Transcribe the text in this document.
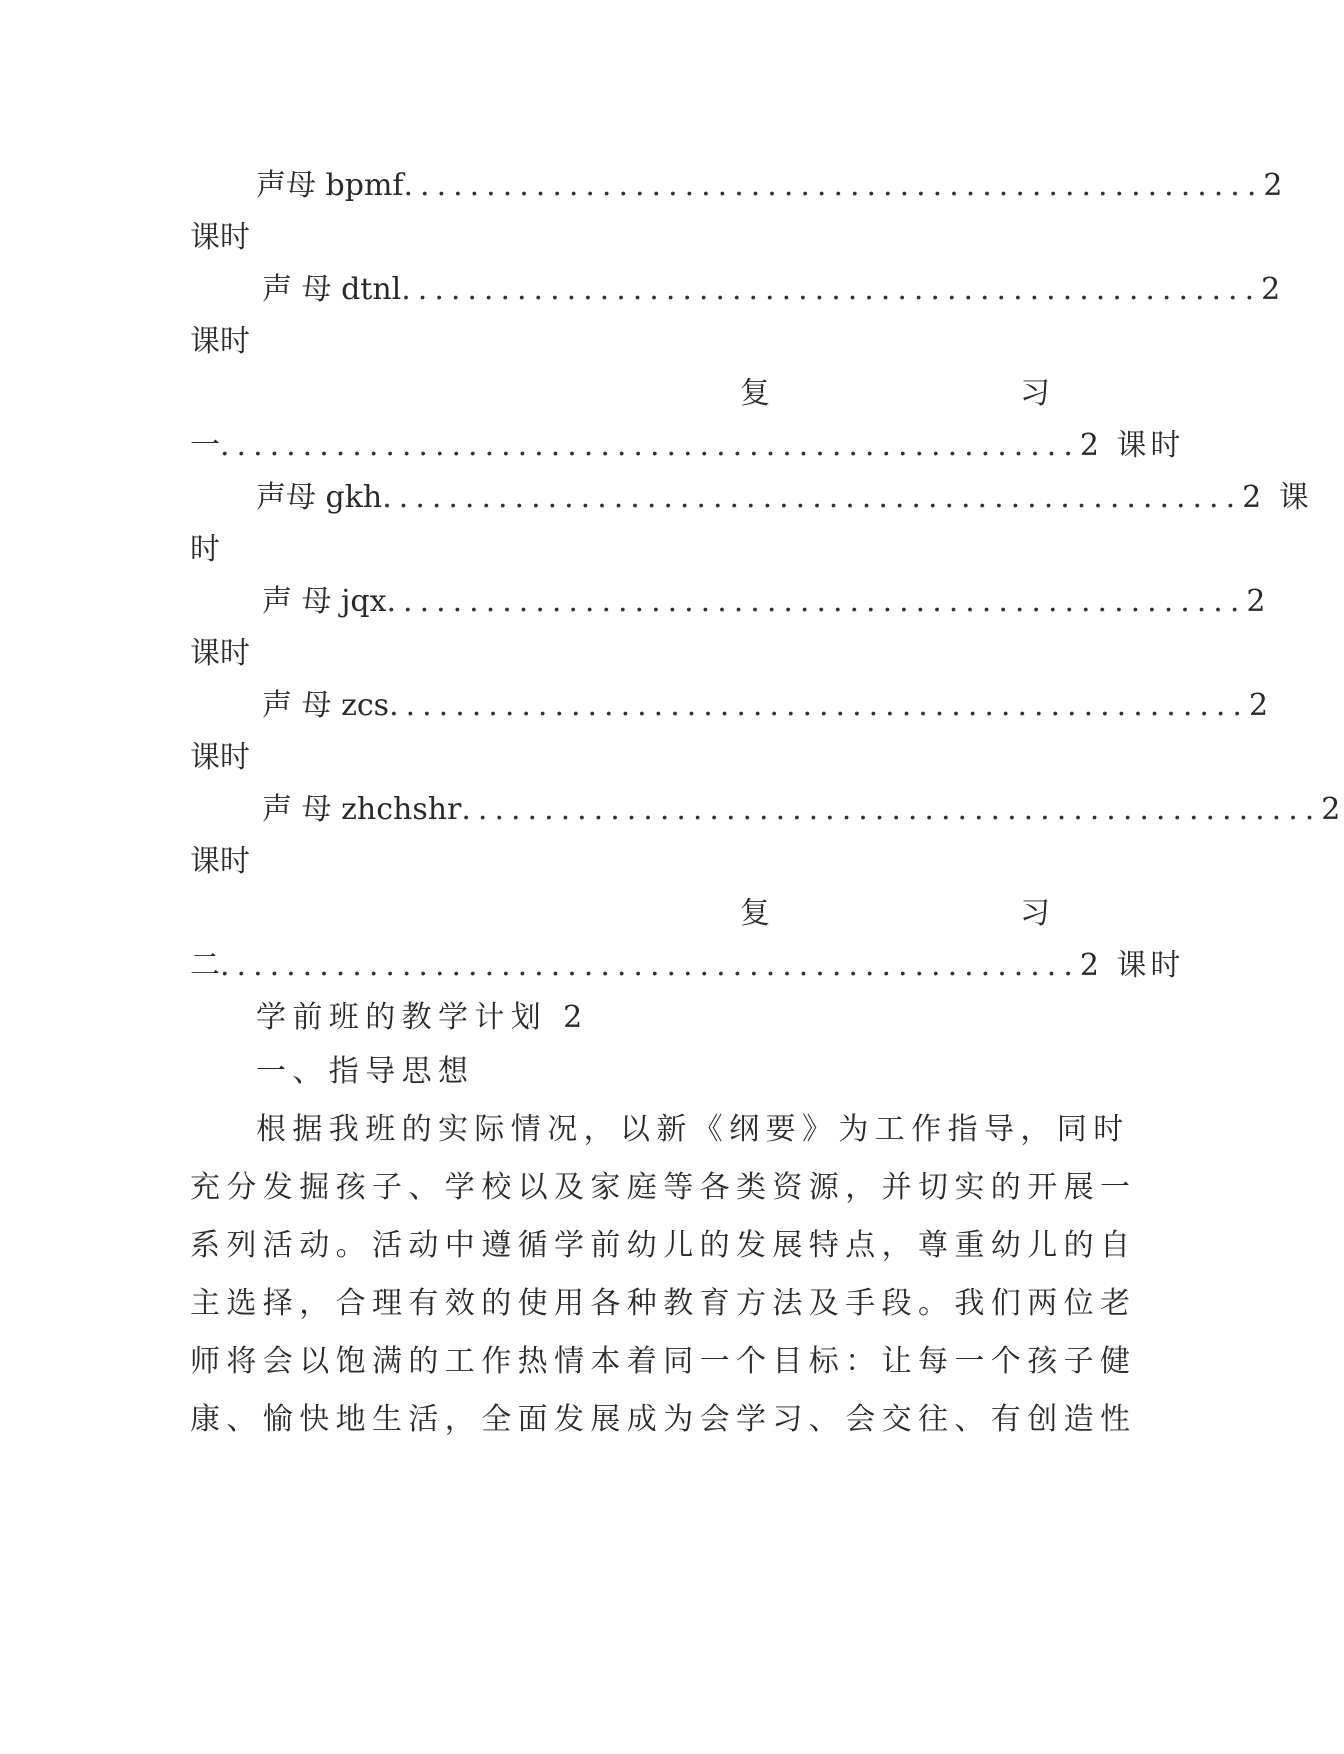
声母 bpmf .................................................... 2
课时
声 母 dtnl .................................................... 2
课时
复	习
一 .................................................... 2 课时
声母 gkh .................................................... 2 课
时
声 母 jqx .................................................... 2
课时
声 母 zcs .................................................... 2
课时
声 母 zhchshr .................................................... 2
课时
复	习
二 .................................................... 2 课时
学前班的教学计划 2
一、指导思想
根据我班的实际情况，以新《纲要》为工作指导，同时
充分发掘孩子、学校以及家庭等各类资源，并切实的开展一
系列活动。活动中遵循学前幼儿的发展特点，尊重幼儿的自
主选择，合理有效的使用各种教育方法及手段。我们两位老
师将会以饱满的工作热情本着同一个目标：让每一个孩子健
康、愉快地生活，全面发展成为会学习、会交往、有创造性
